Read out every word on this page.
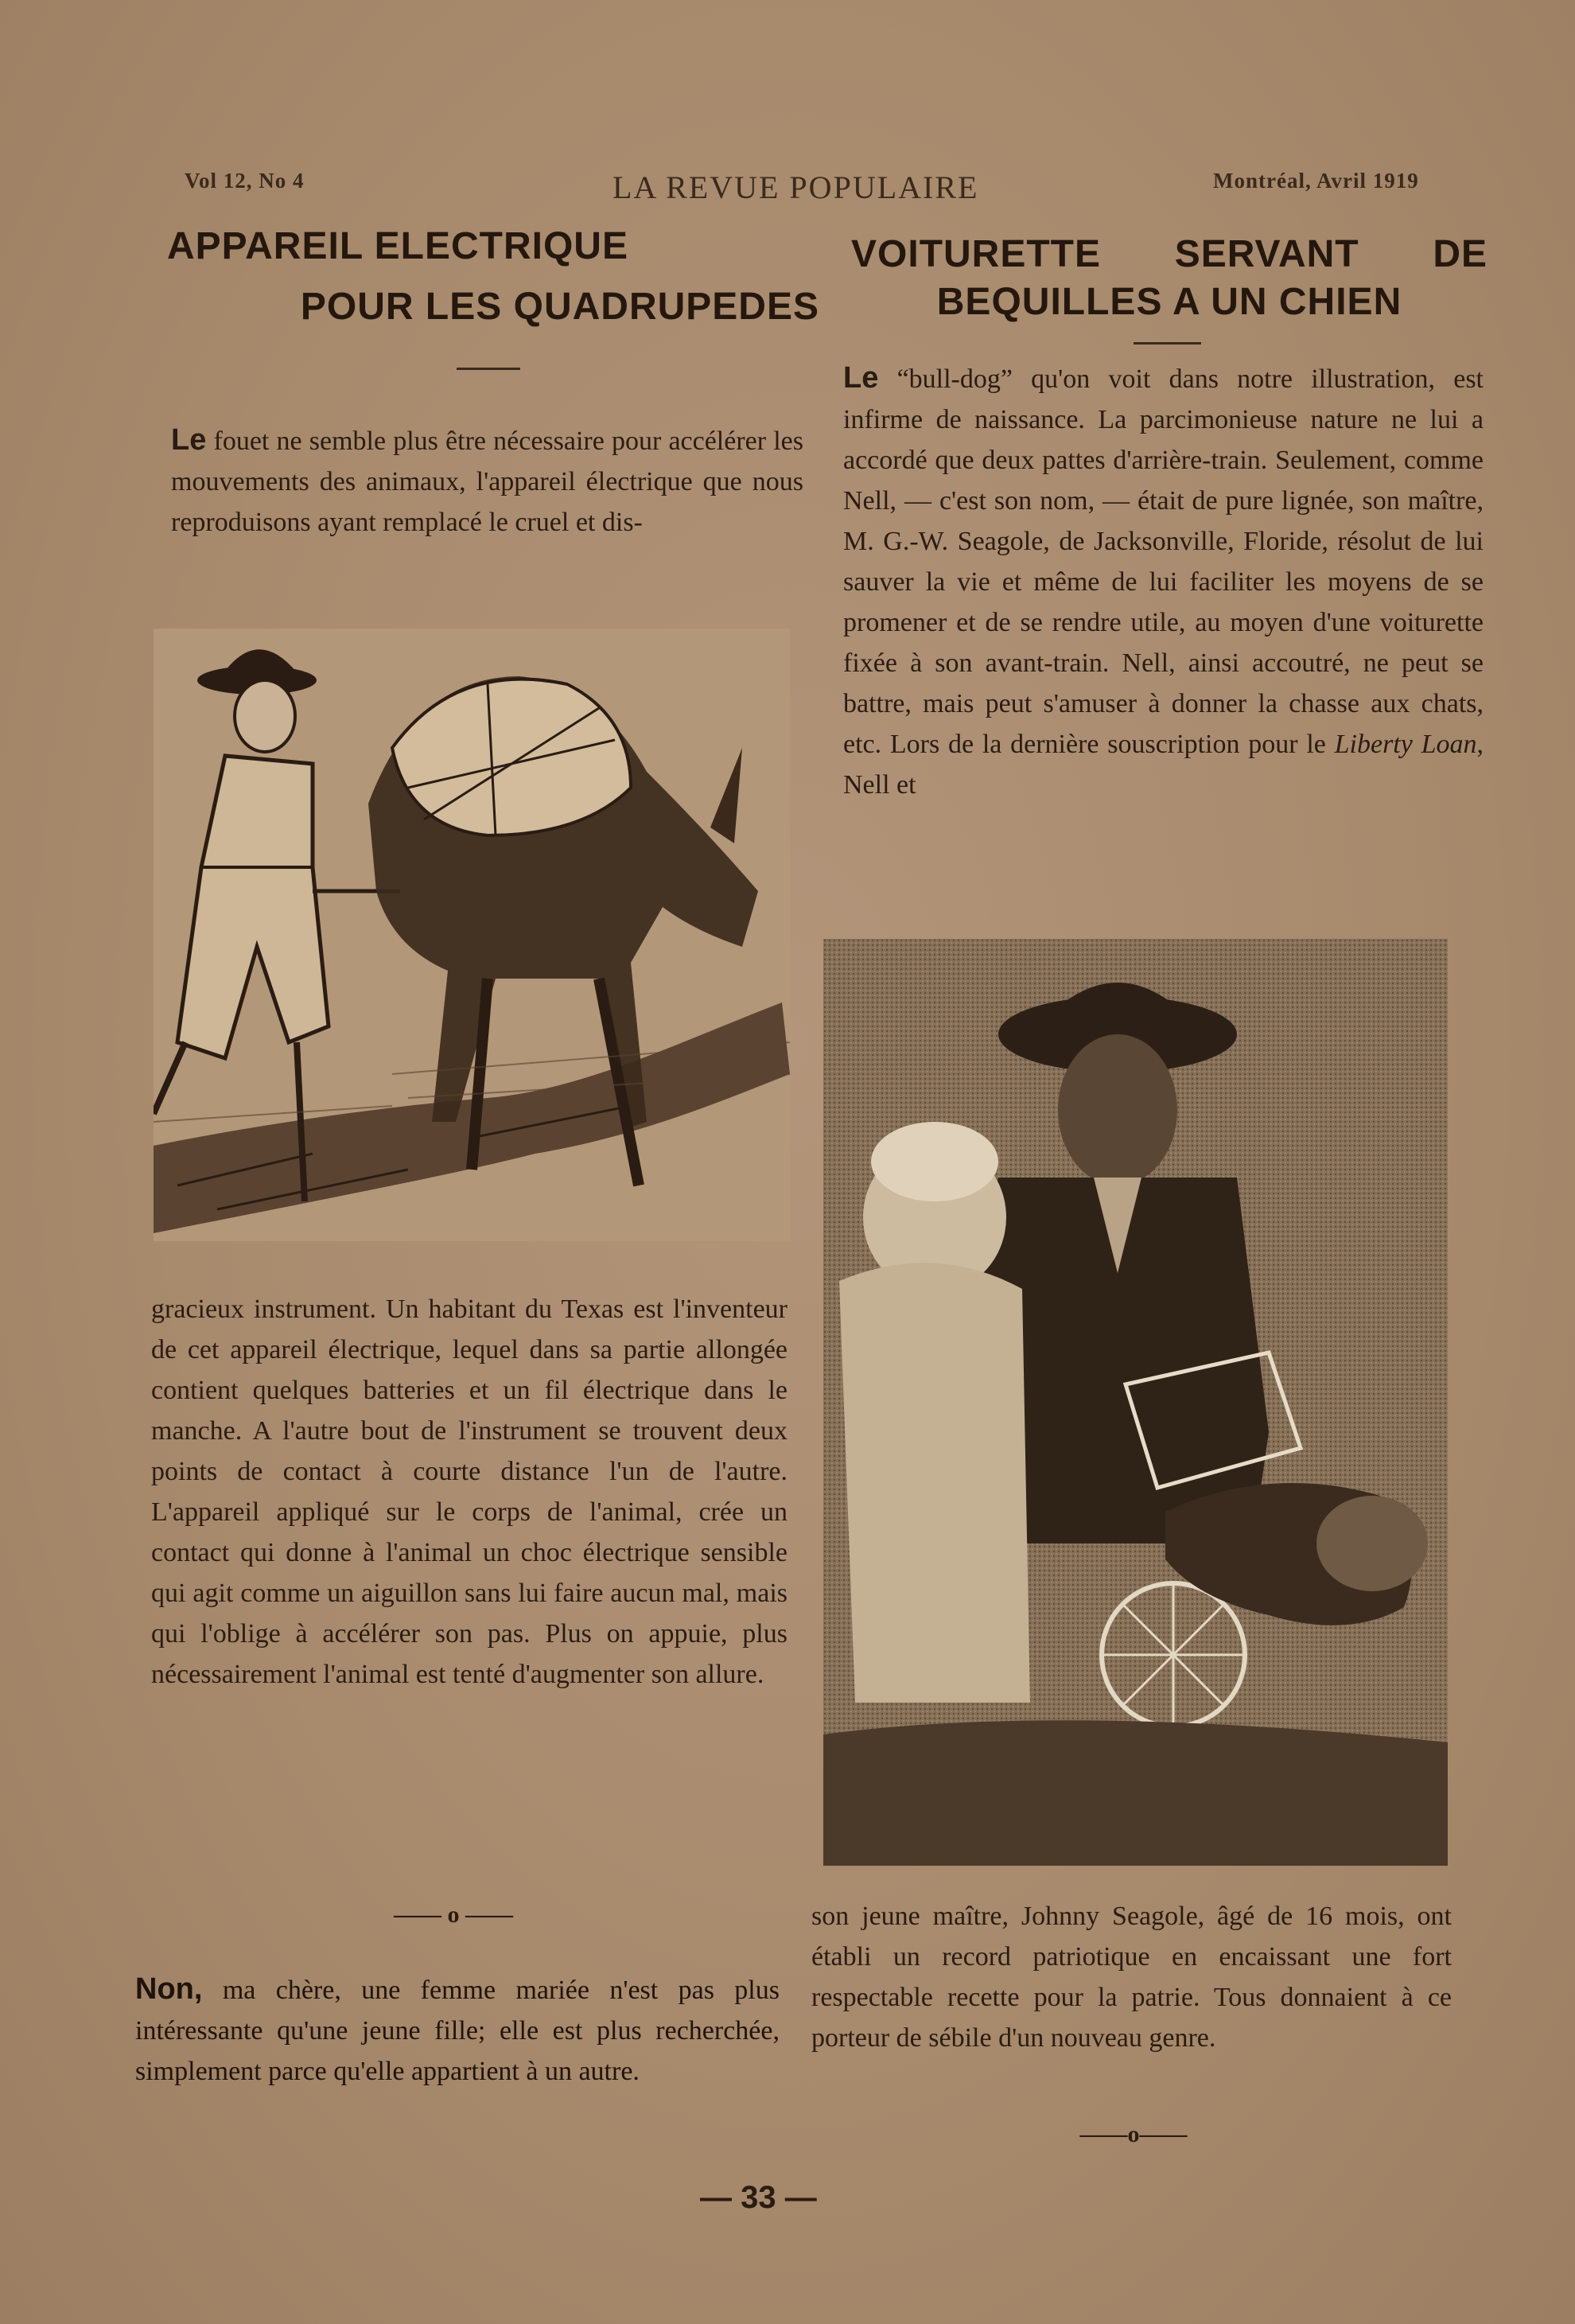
Vol 12, No 4	LA REVUE POPULAIRE	Montréal, Avril 1919
APPAREIL ELECTRIQUE
POUR LES QUADRUPEDES

Le fouet ne semble plus être nécessaire pour accélérer les mouvements des animaux, l'appareil électrique que nous reproduisons ayant remplacé le cruel et dis-

gracieux instrument. Un habitant du Texas est l'inventeur de cet appareil électrique, lequel dans sa partie allongée contient quelques batteries et un fil électrique dans le manche. A l'autre bout de l'instrument se trouvent deux points de contact à courte distance l'un de l'autre. L'appareil appliqué sur le corps de l'animal, crée un contact qui donne à l'animal un choc électrique sensible qui agit comme un aiguillon sans lui faire aucun mal, mais qui l'oblige à accélérer son pas. Plus on appuie, plus nécessairement l'animal est tenté d'augmenter son allure.

—— o ——

Non, ma chère, une femme mariée n'est pas plus intéressante qu'une jeune fille; elle est plus recherchée, simplement parce qu'elle appartient à un autre.

VOITURETTE SERVANT DE
BEQUILLES A UN CHIEN

Le “bull-dog” qu'on voit dans notre illustration, est infirme de naissance. La parcimonieuse nature ne lui a accordé que deux pattes d'arrière-train. Seulement, comme Nell, — c'est son nom, — était de pure lignée, son maître, M. G.-W. Seagole, de Jacksonville, Floride, résolut de lui sauver la vie et même de lui faciliter les moyens de se promener et de se rendre utile, au moyen d'une voiturette fixée à son avant-train. Nell, ainsi accoutré, ne peut se battre, mais peut s'amuser à donner la chasse aux chats, etc. Lors de la dernière souscription pour le Liberty Loan, Nell et

son jeune maître, Johnny Seagole, âgé de 16 mois, ont établi un record patriotique en encaissant une fort respectable recette pour la patrie. Tous donnaient à ce porteur de sébile d'un nouveau genre.

——o——
— 33 —
